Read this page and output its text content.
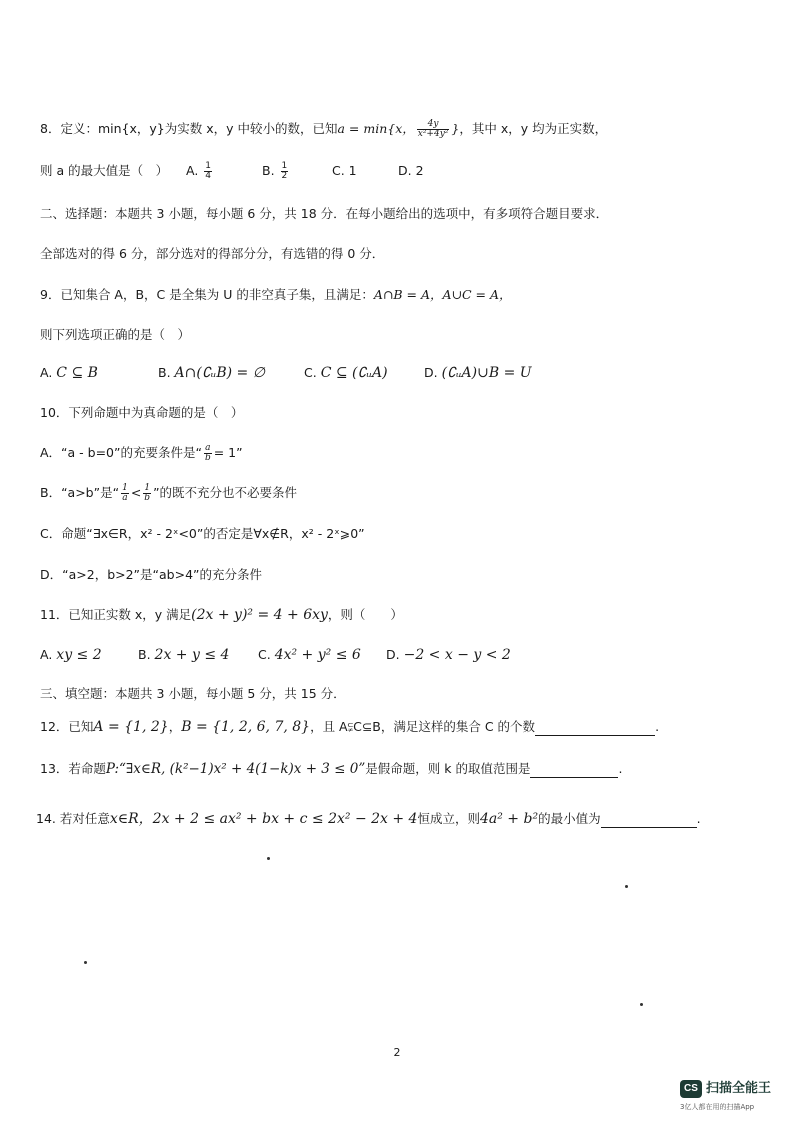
8．定义：min{x，y}为实数 x，y 中较小的数，已知a = min{x， $\frac{4y}{\text{x²+4y²}}$ }，其中 x，y 均为正实数，
则 a 的最大值是（　）	A. $\frac{1}{4}$	B. $\frac{1}{2}$	C. 1	D. 2
二、选择题：本题共 3 小题，每小题 6 分，共 18 分．在每小题给出的选项中，有多项符合题目要求．
全部选对的得 6 分，部分选对的得部分分，有选错的得 0 分．
9．已知集合 A，B，C 是全集为 U 的非空真子集，且满足：A∩B = A，A∪C = A，
则下列选项正确的是（　）
A. C ⊆ B	B. A∩(∁ᵤB) = ∅	C. C ⊆ (∁ᵤA)	D. (∁ᵤA)∪B = U
10．下列命题中为真命题的是（　）
A．“a - b=0”的充要条件是“ $\frac{a}{b} = 1$”
B．“a>b”是“ $\frac{1}{a} < \frac{1}{b}$ ”的既不充分也不必要条件
C．命题“∃x∈R，x² - 2ˣ<0”的否定是∀x∉R，x² - 2ˣ⩾0”
D．“a>2，b>2”是“ab>4”的充分条件
11．已知正实数 x，y 满足(2x + y)² = 4 + 6xy，则（　　）
A. xy ≤ 2	B. 2x + y ≤ 4 C. 4x² + y² ≤ 6 D. −2 < x − y < 2
三、填空题：本题共 3 小题，每小题 5 分，共 15 分．
12．已知A = {1, 2}，B = {1, 2, 6, 7, 8}，且 A⫋C⊆B，满足这样的集合 C 的个数	.
13．若命题P:“∃x∈R, (k²−1)x² + 4(1−k)x + 3 ≤ 0”是假命题，则 k 的取值范围是	.
14. 若对任意x∈R，2x + 2 ≤ ax² + bx + c ≤ 2x² − 2x + 4恒成立，则4a² + b²的最小值为	.
2
CS 扫描全能王
3亿人都在用的扫描App
